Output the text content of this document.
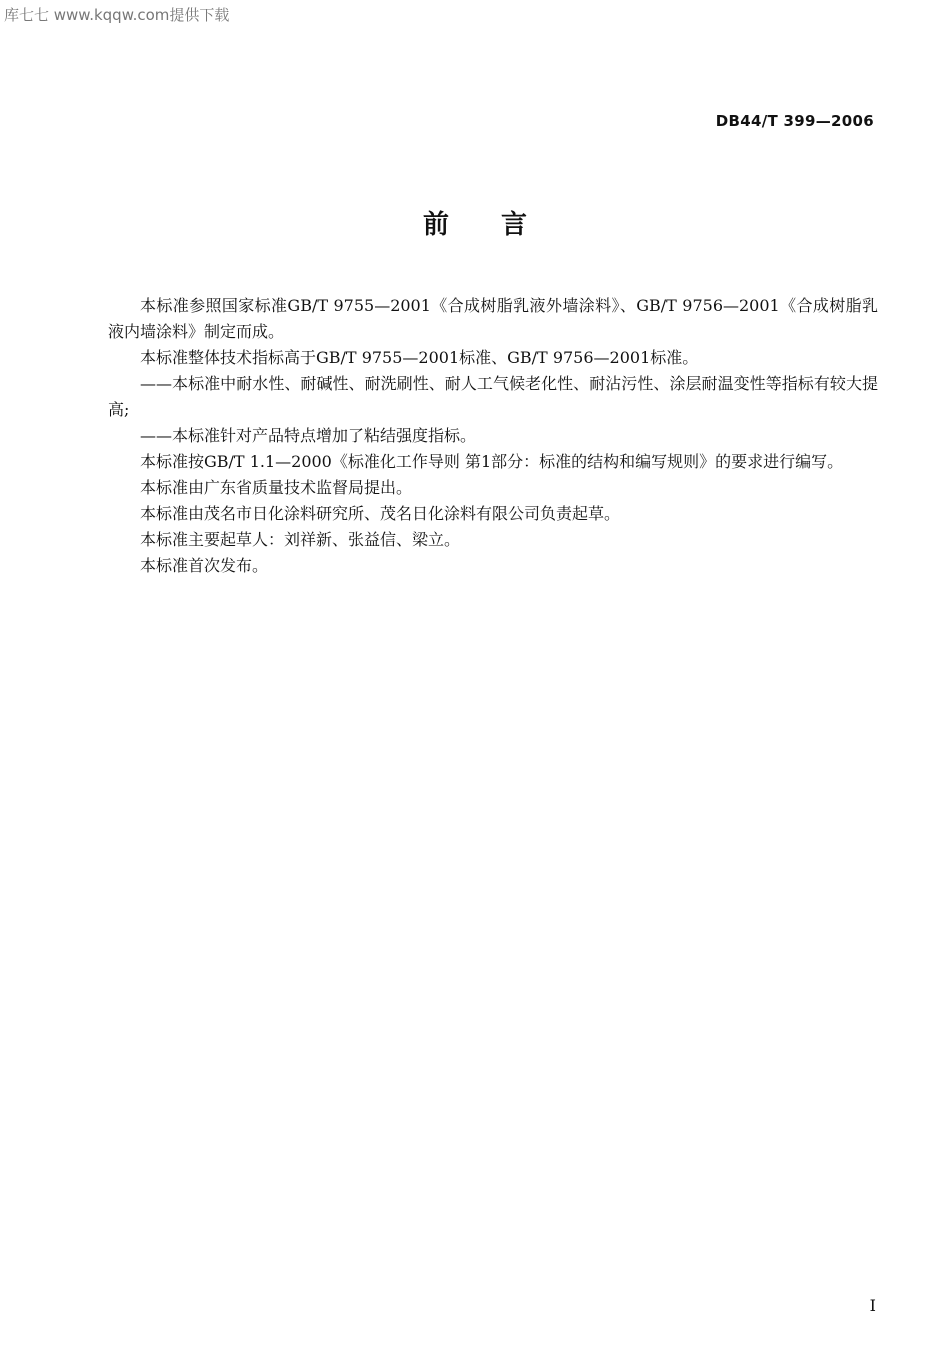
库七七 www.kqqw.com提供下载
DB44/T 399—2006
前言

本标准参照国家标准GB/T 9755—2001《合成树脂乳液外墙涂料》、GB/T 9756—2001《合成树脂乳液内墙涂料》制定而成。

本标准整体技术指标高于GB/T 9755—2001标准、GB/T 9756—2001标准。

——本标准中耐水性、耐碱性、耐洗刷性、耐人工气候老化性、耐沾污性、涂层耐温变性等指标有较大提高;

——本标准针对产品特点增加了粘结强度指标。

本标准按GB/T 1.1—2000《标准化工作导则 第1部分：标准的结构和编写规则》的要求进行编写。

本标准由广东省质量技术监督局提出。

本标准由茂名市日化涂料研究所、茂名日化涂料有限公司负责起草。

本标准主要起草人：刘祥新、张益信、梁立。

本标准首次发布。

I
